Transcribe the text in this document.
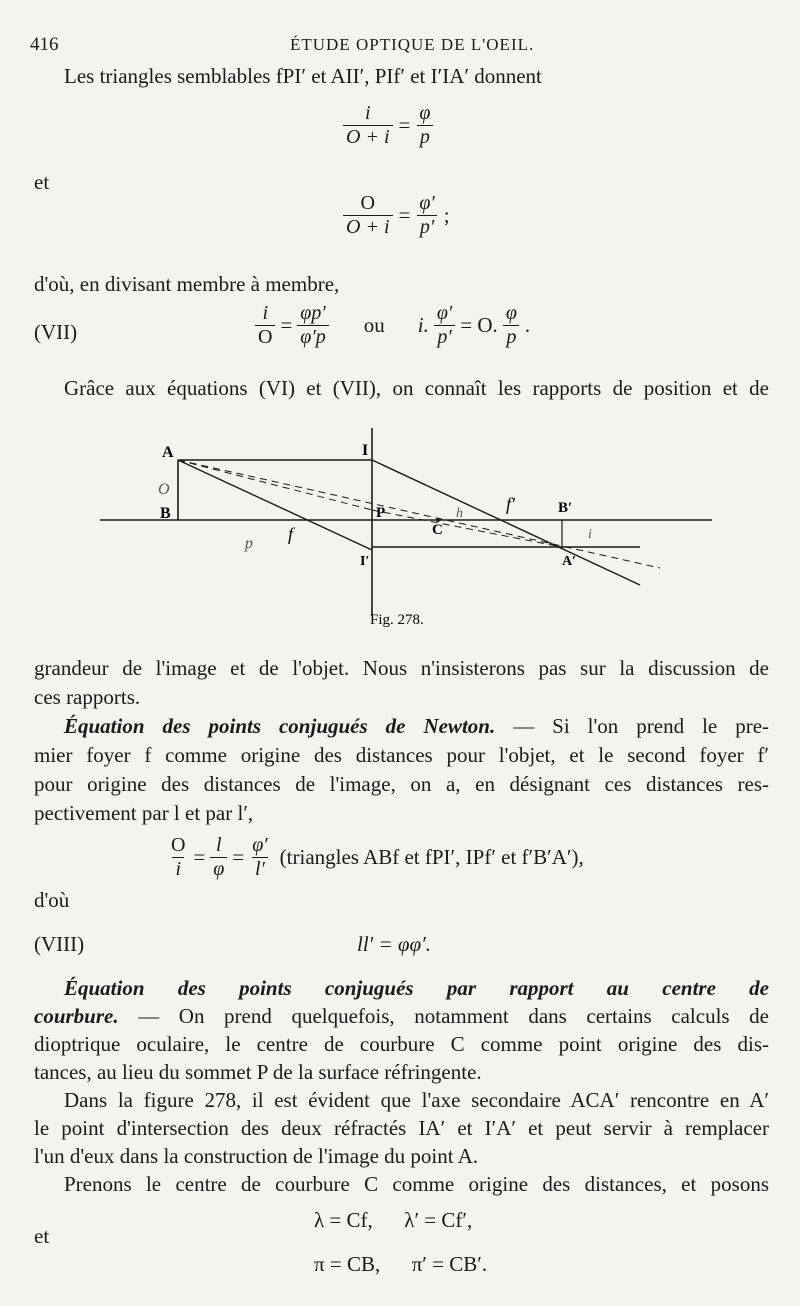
416	ÉTUDE OPTIQUE DE L'OEIL.
Les triangles semblables fPI′ et AII′, PIf′ et I′IA′ donnent
$\frac{i}{O + i} = \frac{\varphi}{p}$
et
$\frac{O}{O + i} = \frac{\varphi'}{p'}$ ;
d'où, en divisant membre à membre,
(VII)	$\frac{i}{O} = \frac{\varphi p'}{\varphi'p}$ ou i. $\frac{\varphi'}{p'} = O$. $\frac{\varphi}{p}$ .
Grâce aux équations (VI) et (VII), on connaît les rapports de position et de
A
B
I
P
C
f
f′	B′
A′
I′
O
p
i
h
Fig. 278.
grandeur de l'image et de l'objet. Nous n'insisterons pas sur la discussion de
ces rapports.
Équation des points conjugués de Newton. — Si l'on prend le pre-
mier foyer f comme origine des distances pour l'objet, et le second foyer f′
pour origine des distances de l'image, on a, en désignant ces distances res-
pectivement par l et par l′,
$\frac{O}{i} = \frac{l}{\varphi} = \frac{\varphi'}{l'}$ (triangles ABf et fPI′, IPf′ et f′B′A′),
d'où
(VIII)	ll′ = φφ′.
Équation des points conjugués par rapport au centre de
courbure. — On prend quelquefois, notamment dans certains calculs de
dioptrique oculaire, le centre de courbure C comme point origine des dis-
tances, au lieu du sommet P de la surface réfringente.
Dans la figure 278, il est évident que l'axe secondaire ACA′ rencontre en A′
le point d'intersection des deux réfractés IA′ et I′A′ et peut servir à remplacer
l'un d'eux dans la construction de l'image du point A.
Prenons le centre de courbure C comme origine des distances, et posons
λ = Cf,      λ′ = Cf′,
et
π = CB,      π′ = CB′.
